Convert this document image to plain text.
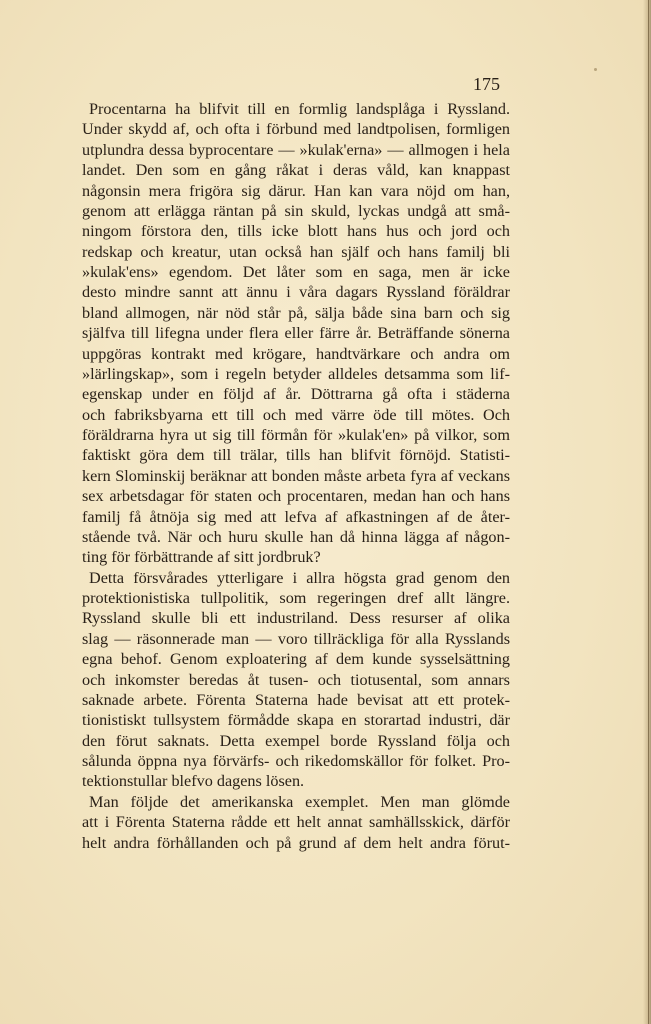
175
Procentarna ha blifvit till en formlig landsplåga i Ryssland.
Under skydd af, och ofta i förbund med landtpolisen, formligen
utplundra dessa byprocentare — »kulak'erna» — allmogen i hela
landet. Den som en gång råkat i deras våld, kan knappast
någonsin mera frigöra sig därur. Han kan vara nöjd om han,
genom att erlägga räntan på sin skuld, lyckas undgå att små-
ningom förstora den, tills icke blott hans hus och jord och
redskap och kreatur, utan också han själf och hans familj bli
»kulak'ens» egendom. Det låter som en saga, men är icke
desto mindre sannt att ännu i våra dagars Ryssland föräldrar
bland allmogen, när nöd står på, sälja både sina barn och sig
själfva till lifegna under flera eller färre år. Beträffande sönerna
uppgöras kontrakt med krögare, handtvärkare och andra om
»lärlingskap», som i regeln betyder alldeles detsamma som lif-
egenskap under en följd af år. Döttrarna gå ofta i städerna
och fabriksbyarna ett till och med värre öde till mötes. Och
föräldrarna hyra ut sig till förmån för »kulak'en» på vilkor, som
faktiskt göra dem till trälar, tills han blifvit förnöjd. Statisti-
kern Slominskij beräknar att bonden måste arbeta fyra af veckans
sex arbetsdagar för staten och procentaren, medan han och hans
familj få åtnöja sig med att lefva af afkastningen af de åter-
stående två. När och huru skulle han då hinna lägga af någon-
ting för förbättrande af sitt jordbruk?
Detta försvårades ytterligare i allra högsta grad genom den
protektionistiska tullpolitik, som regeringen dref allt längre.
Ryssland skulle bli ett industriland. Dess resurser af olika
slag — räsonnerade man — voro tillräckliga för alla Rysslands
egna behof. Genom exploatering af dem kunde sysselsättning
och inkomster beredas åt tusen- och tiotusental, som annars
saknade arbete. Förenta Staterna hade bevisat att ett protek-
tionistiskt tullsystem förmådde skapa en storartad industri, där
den förut saknats. Detta exempel borde Ryssland följa och
sålunda öppna nya förvärfs- och rikedomskällor för folket. Pro-
tektionstullar blefvo dagens lösen.
Man följde det amerikanska exemplet. Men man glömde
att i Förenta Staterna rådde ett helt annat samhällsskick, därför
helt andra förhållanden och på grund af dem helt andra förut-
